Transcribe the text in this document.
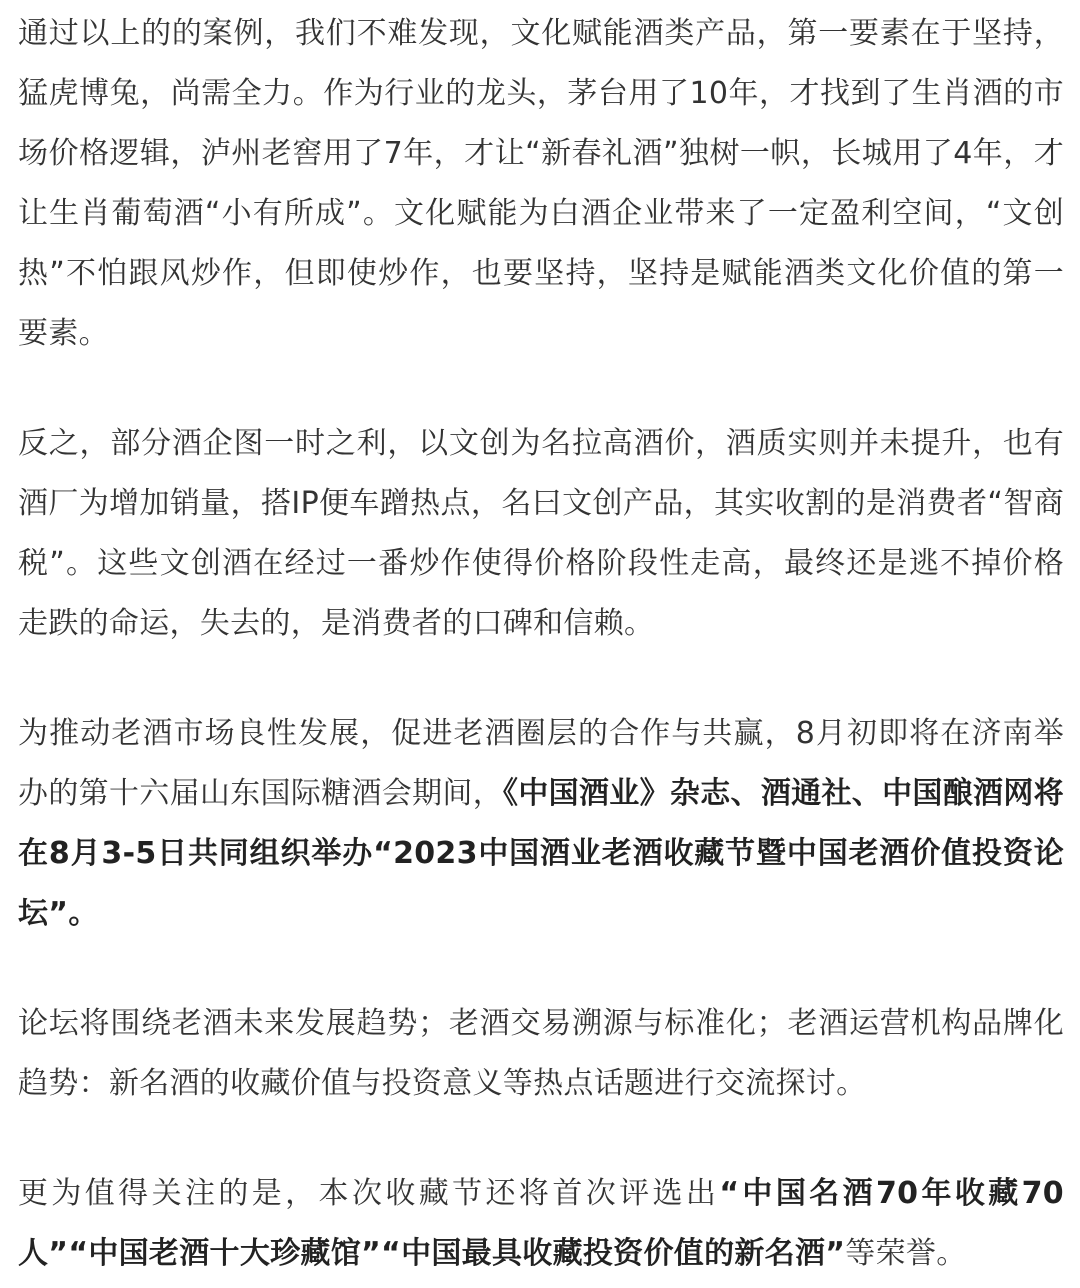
通过以上的的案例，我们不难发现，文化赋能酒类产品，第一要素在于坚持，猛虎博兔，尚需全力。作为行业的龙头，茅台用了10年，才找到了生肖酒的市场价格逻辑，泸州老窖用了7年，才让“新春礼酒”独树一帜，长城用了4年，才让生肖葡萄酒“小有所成”。文化赋能为白酒企业带来了一定盈利空间，“文创热”不怕跟风炒作，但即使炒作，也要坚持，坚持是赋能酒类文化价值的第一要素。

反之，部分酒企图一时之利，以文创为名拉高酒价，酒质实则并未提升，也有酒厂为增加销量，搭IP便车蹭热点，名曰文创产品，其实收割的是消费者“智商税”。这些文创酒在经过一番炒作使得价格阶段性走高，最终还是逃不掉价格走跌的命运，失去的，是消费者的口碑和信赖。

为推动老酒市场良性发展，促进老酒圈层的合作与共赢，8月初即将在济南举办的第十六届山东国际糖酒会期间，《中国酒业》杂志、酒通社、中国酿酒网将在8月3-5日共同组织举办“2023中国酒业老酒收藏节暨中国老酒价值投资论坛”。

论坛将围绕老酒未来发展趋势；老酒交易溯源与标准化；老酒运营机构品牌化趋势：新名酒的收藏价值与投资意义等热点话题进行交流探讨。

更为值得关注的是，本次收藏节还将首次评选出“中国名酒70年收藏70人”“中国老酒十大珍藏馆”“中国最具收藏投资价值的新名酒”等荣誉。
